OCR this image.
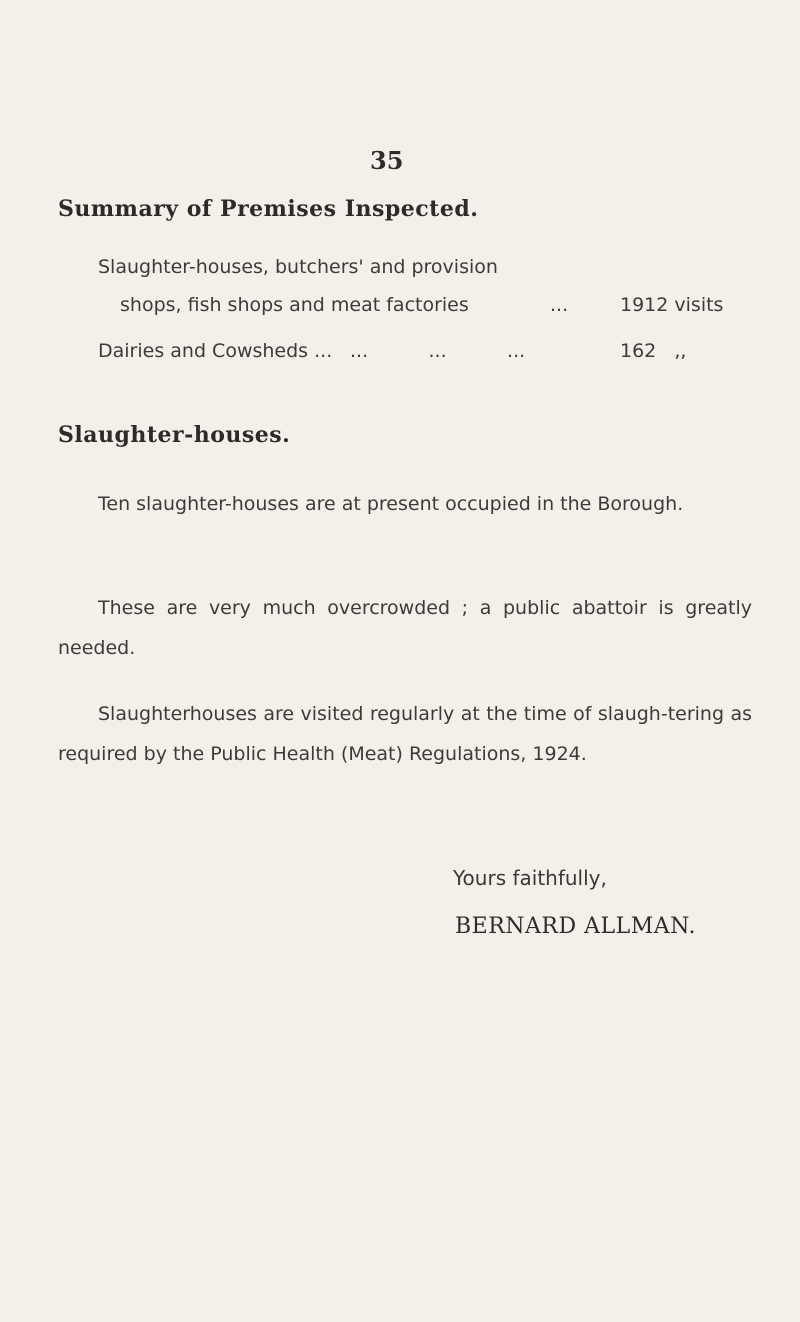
35
Summary of Premises Inspected.
Slaughter-houses, butchers' and provision
shops, fish shops and meat factories	...	1912 visits
Dairies and Cowsheds ... ...          ...          ...	162   ,,
Slaughter-houses.

Ten slaughter-houses are at present occupied in the Borough.

These are very much overcrowded ; a public abattoir is greatly needed.

Slaughterhouses are visited regularly at the time of slaugh-tering as required by the Public Health (Meat) Regulations, 1924.

Yours faithfully,
BERNARD ALLMAN.
